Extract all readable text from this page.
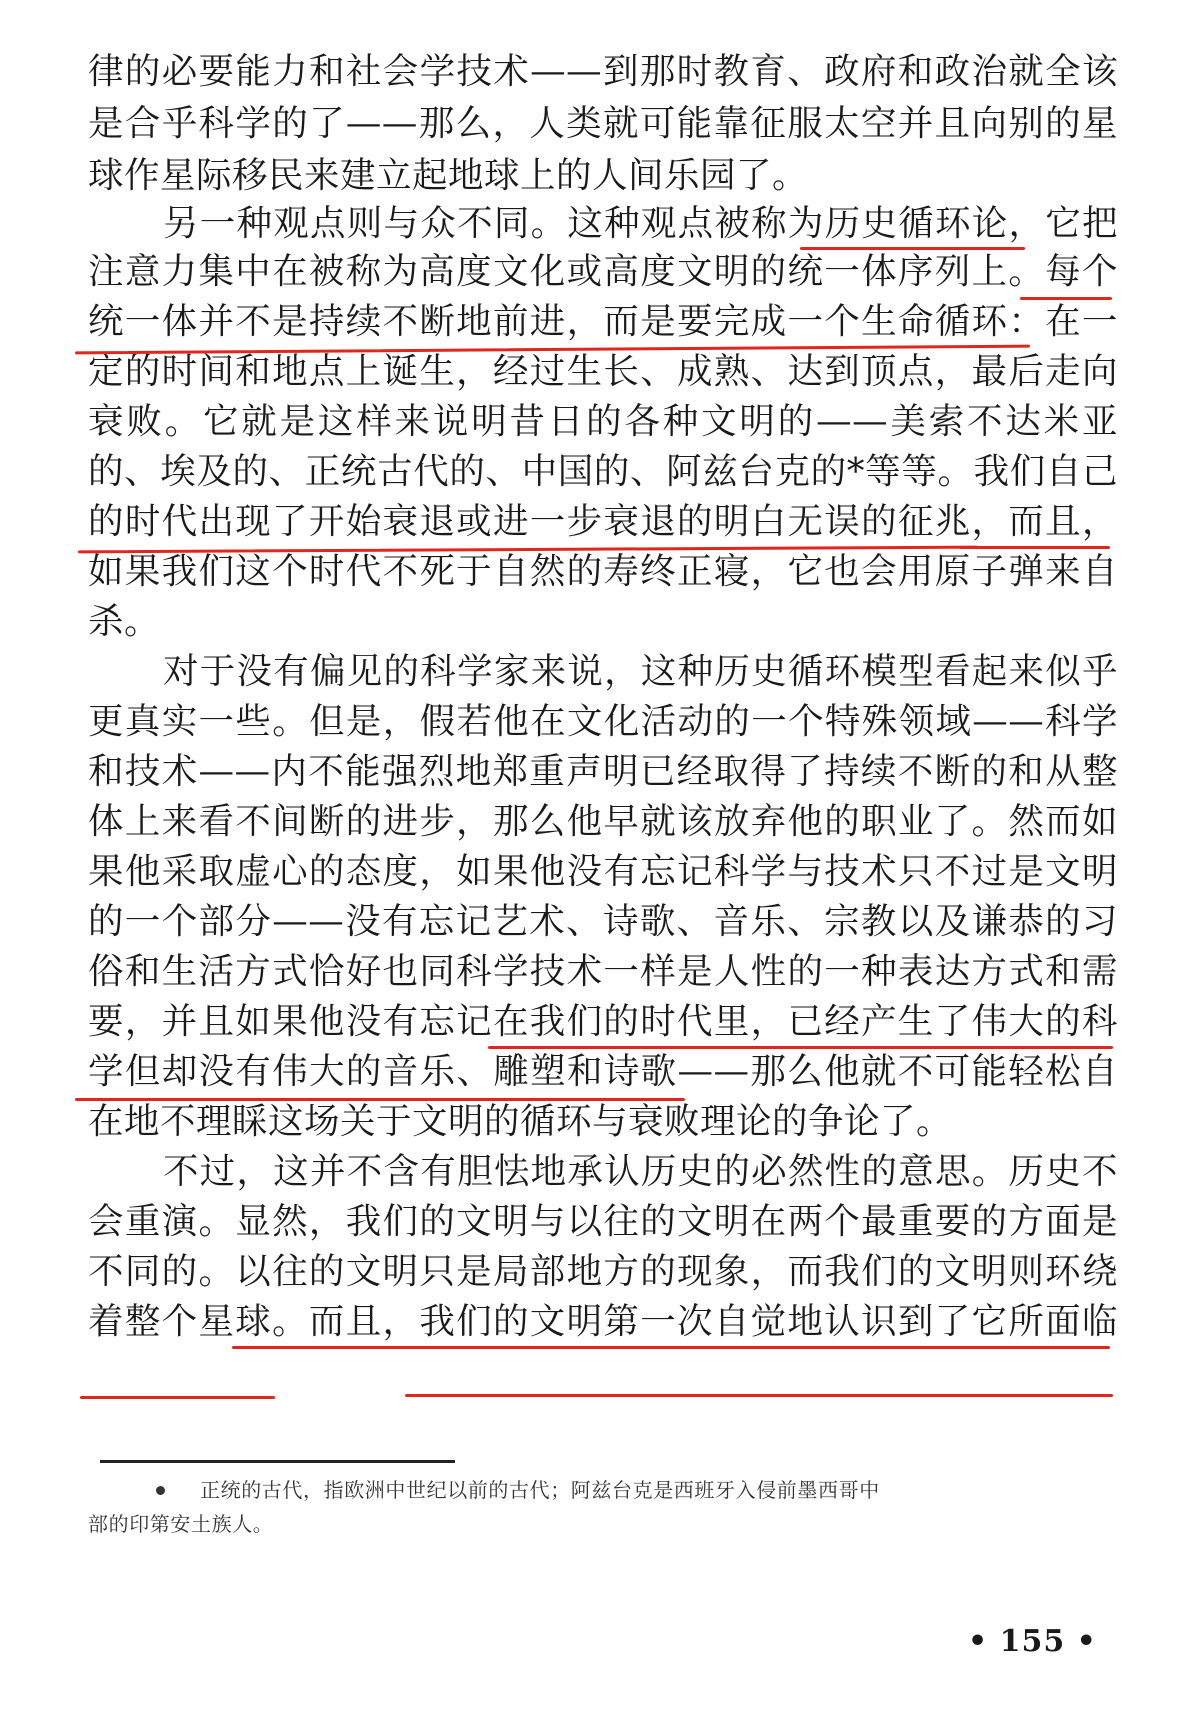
律的必要能力和社会学技术——到那时教育、政府和政治就全该
是合乎科学的了——那么，人类就可能靠征服太空并且向别的星
球作星际移民来建立起地球上的人间乐园了。
另一种观点则与众不同。这种观点被称为历史循环论，它把
注意力集中在被称为高度文化或高度文明的统一体序列上。每个
统一体并不是持续不断地前进，而是要完成一个生命循环：在一
定的时间和地点上诞生，经过生长、成熟、达到顶点，最后走向
衰败。它就是这样来说明昔日的各种文明的——美索不达米亚
的、埃及的、正统古代的、中国的、阿兹台克的*等等。我们自己
的时代出现了开始衰退或进一步衰退的明白无误的征兆，而且，
如果我们这个时代不死于自然的寿终正寝，它也会用原子弹来自
杀。
对于没有偏见的科学家来说，这种历史循环模型看起来似乎
更真实一些。但是，假若他在文化活动的一个特殊领域——科学
和技术——内不能强烈地郑重声明已经取得了持续不断的和从整
体上来看不间断的进步，那么他早就该放弃他的职业了。然而如
果他采取虚心的态度，如果他没有忘记科学与技术只不过是文明
的一个部分——没有忘记艺术、诗歌、音乐、宗教以及谦恭的习
俗和生活方式恰好也同科学技术一样是人性的一种表达方式和需
要，并且如果他没有忘记在我们的时代里，已经产生了伟大的科
学但却没有伟大的音乐、雕塑和诗歌——那么他就不可能轻松自
在地不理睬这场关于文明的循环与衰败理论的争论了。
不过，这并不含有胆怯地承认历史的必然性的意思。历史不
会重演。显然，我们的文明与以往的文明在两个最重要的方面是
不同的。以往的文明只是局部地方的现象，而我们的文明则环绕
着整个星球。而且，我们的文明第一次自觉地认识到了它所面临
正统的古代，指欧洲中世纪以前的古代；阿兹台克是西班牙入侵前墨西哥中
部的印第安土族人。
• 155 •
